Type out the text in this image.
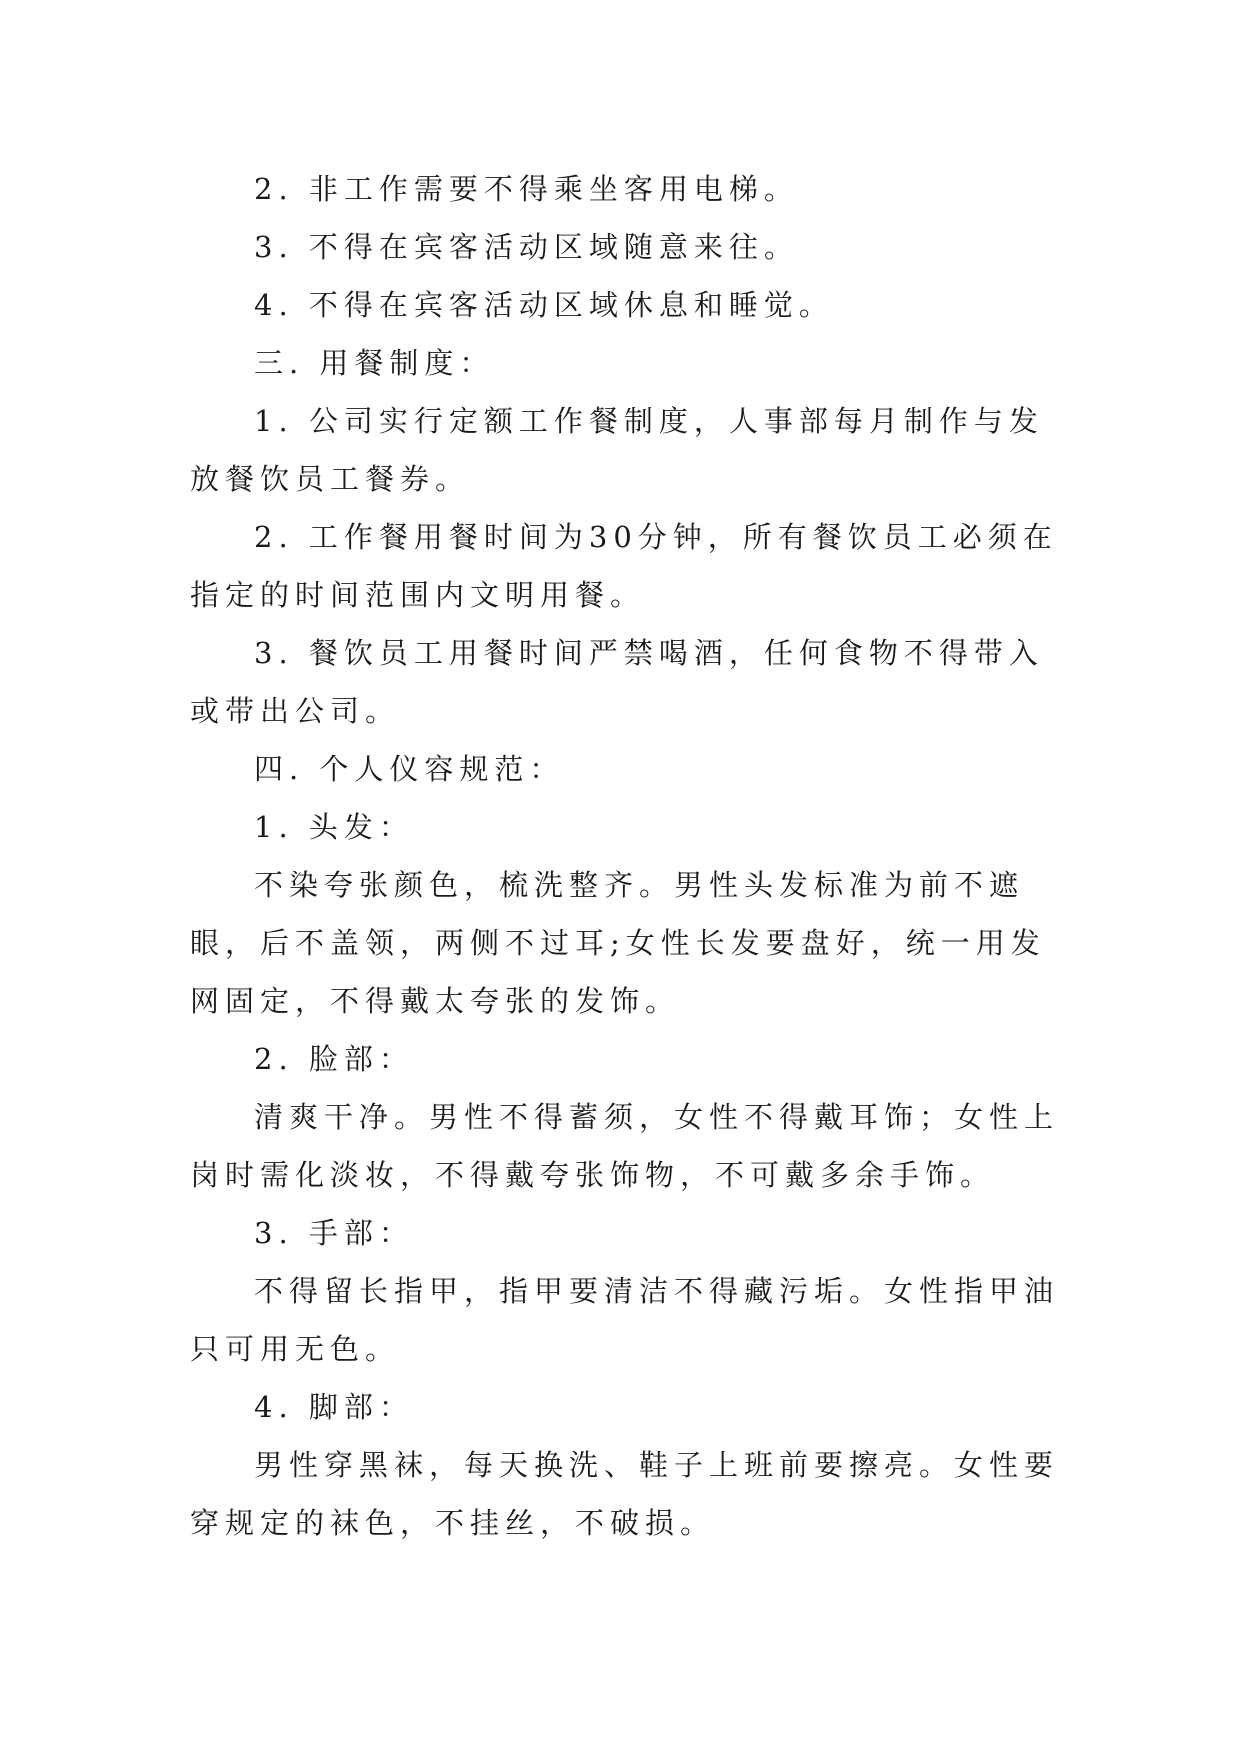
2. 非工作需要不得乘坐客用电梯。

3. 不得在宾客活动区域随意来往。

4. 不得在宾客活动区域休息和睡觉。

三. 用餐制度：

1. 公司实行定额工作餐制度，人事部每月制作与发放餐饮员工餐券。

2. 工作餐用餐时间为30分钟，所有餐饮员工必须在指定的时间范围内文明用餐。

3. 餐饮员工用餐时间严禁喝酒，任何食物不得带入或带出公司。

四. 个人仪容规范：

1. 头发：

不染夸张颜色，梳洗整齐。男性头发标准为前不遮眼，后不盖领，两侧不过耳;女性长发要盘好，统一用发网固定，不得戴太夸张的发饰。

2. 脸部：

清爽干净。男性不得蓄须，女性不得戴耳饰；女性上岗时需化淡妆，不得戴夸张饰物，不可戴多余手饰。

3. 手部：

不得留长指甲，指甲要清洁不得藏污垢。女性指甲油只可用无色。

4. 脚部：

男性穿黑袜，每天换洗、鞋子上班前要擦亮。女性要穿规定的袜色，不挂丝，不破损。
